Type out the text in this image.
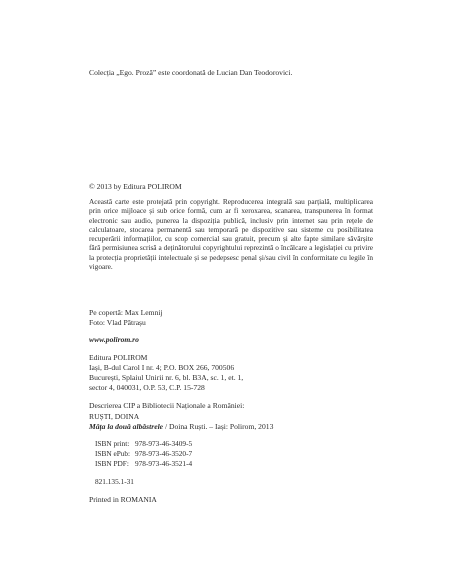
Colecția „Ego. Proză” este coordonată de Lucian Dan Teodorovici.
© 2013 by Editura POLIROM
Această carte este protejată prin copyright. Reproducerea integrală sau parțială, multiplicarea prin orice mijloace și sub orice formă, cum ar fi xeroxarea, scanarea, transpunerea în format electronic sau audio, punerea la dispoziția publică, inclusiv prin internet sau prin rețele de calculatoare, stocarea permanentă sau temporară pe dispozitive sau sisteme cu posibilitatea recuperării informațiilor, cu scop comercial sau gratuit, precum și alte fapte similare săvârșite fără permisiunea scrisă a deținătorului copyrightului reprezintă o încălcare a legislației cu privire la protecția proprietății intelectuale și se pedepsesc penal și/sau civil în conformitate cu legile în vigoare.
Pe copertă: Max Lemnij
Foto: Vlad Pătrașu
www.polirom.ro
Editura POLIROM
Iași, B-dul Carol I nr. 4; P.O. BOX 266, 700506
București, Splaiul Unirii nr. 6, bl. B3A, sc. 1, et. 1,
sector 4, 040031, O.P. 53, C.P. 15-728
Descrierea CIP a Bibliotecii Naționale a României:
RUȘTI, DOINA
Mâța la două albăstrele / Doina Ruști. – Iași: Polirom, 2013
ISBN print: 978-973-46-3409-5
ISBN ePub: 978-973-46-3520-7
ISBN PDF: 978-973-46-3521-4
821.135.1-31
Printed in ROMANIA
